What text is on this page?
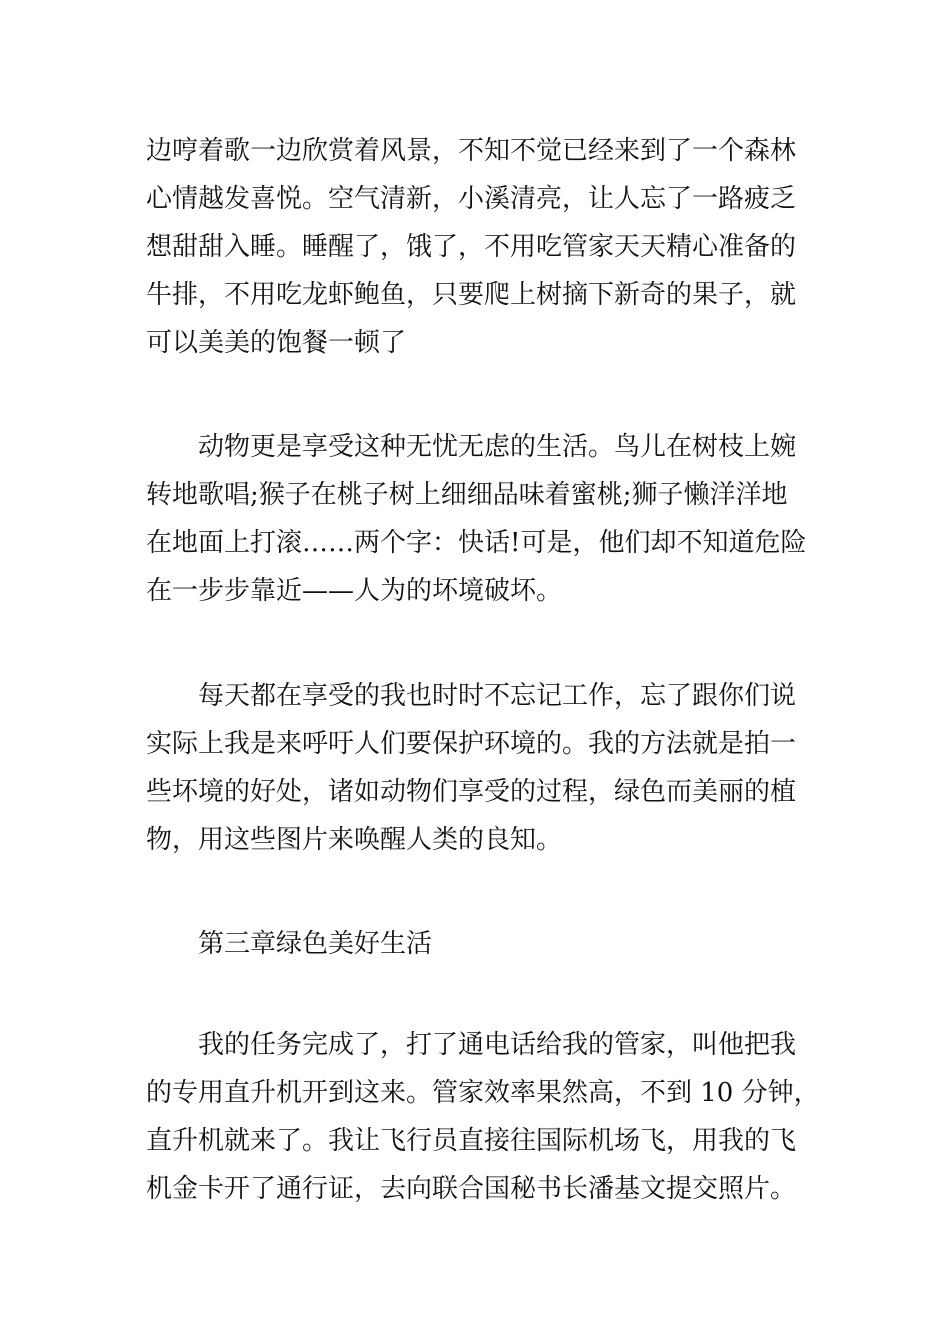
边哼着歌一边欣赏着风景，不知不觉已经来到了一个森林
心情越发喜悦。空气清新，小溪清亮，让人忘了一路疲乏
想甜甜入睡。睡醒了，饿了，不用吃管家天天精心准备的
牛排，不用吃龙虾鲍鱼，只要爬上树摘下新奇的果子，就
可以美美的饱餐一顿了
动物更是享受这种无忧无虑的生活。鸟儿在树枝上婉
转地歌唱;猴子在桃子树上细细品味着蜜桃;狮子懒洋洋地
在地面上打滚……两个字：快话!可是，他们却不知道危险
在一步步靠近——人为的坏境破坏。
每天都在享受的我也时时不忘记工作，忘了跟你们说
实际上我是来呼吁人们要保护环境的。我的方法就是拍一
些坏境的好处，诸如动物们享受的过程，绿色而美丽的植
物，用这些图片来唤醒人类的良知。
第三章绿色美好生活
我的任务完成了，打了通电话给我的管家，叫他把我
的专用直升机开到这来。管家效率果然高，不到 10 分钟，
直升机就来了。我让飞行员直接往国际机场飞，用我的飞
机金卡开了通行证，去向联合国秘书长潘基文提交照片。
